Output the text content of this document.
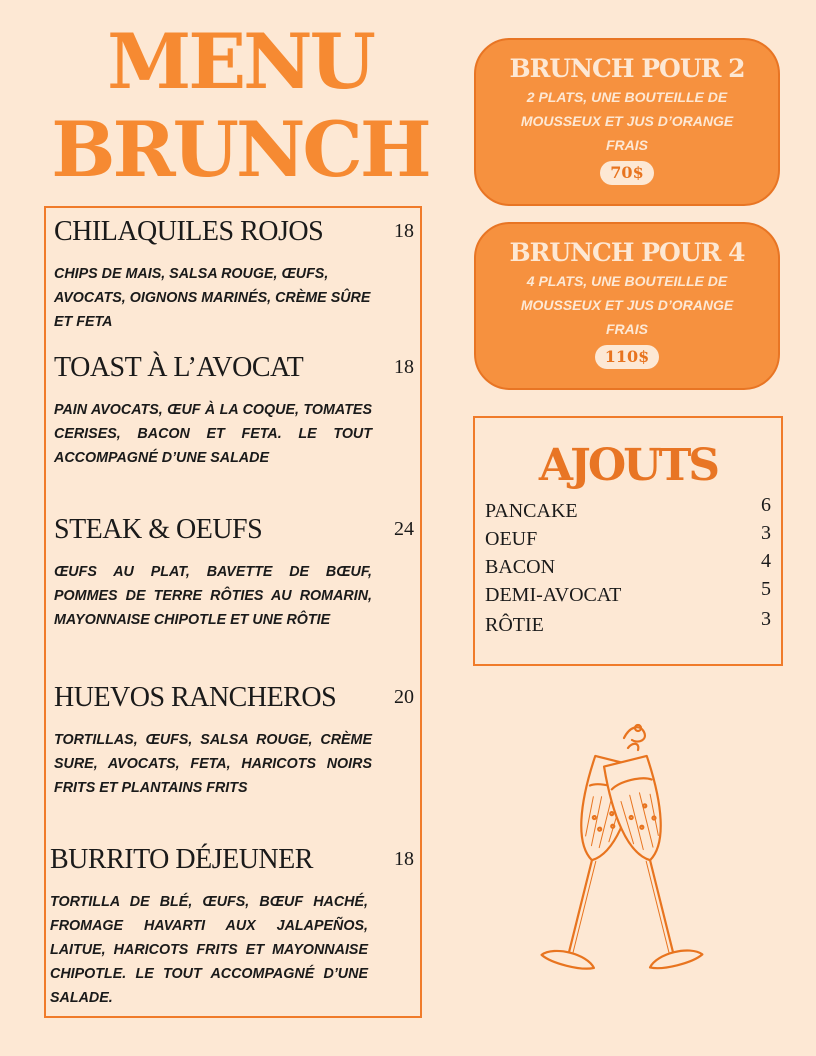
MENU
BRUNCH
CHILAQUILES ROJOS	18
CHIPS DE MAIS, SALSA ROUGE, ŒUFS, AVOCATS, OIGNONS MARINÉS, CRÈME SÛRE ET FETA
TOAST À L’AVOCAT	18
PAIN AVOCATS, ŒUF À LA COQUE, TOMATES CERISES, BACON ET FETA. LE TOUT ACCOMPAGNÉ D’UNE SALADE
STEAK & OEUFS	24
ŒUFS AU PLAT, BAVETTE DE BŒUF, POMMES DE TERRE RÔTIES AU ROMARIN, MAYONNAISE CHIPOTLE ET UNE RÔTIE
HUEVOS RANCHEROS	20
TORTILLAS, ŒUFS, SALSA ROUGE, CRÈME SURE, AVOCATS, FETA, HARICOTS NOIRS FRITS ET PLANTAINS FRITS
BURRITO DÉJEUNER	18
TORTILLA DE BLÉ, ŒUFS, BŒUF HACHÉ, FROMAGE HAVARTI AUX JALAPEÑOS, LAITUE, HARICOTS FRITS ET MAYONNAISE CHIPOTLE. LE TOUT ACCOMPAGNÉ D’UNE SALADE.
BRUNCH POUR 2
2 PLATS, UNE BOUTEILLE DE MOUSSEUX ET JUS D’ORANGE FRAIS
70$
BRUNCH POUR 4
4 PLATS, UNE BOUTEILLE DE MOUSSEUX ET JUS D’ORANGE FRAIS
110$
AJOUTS
PANCAKE	6
OEUF	3
BACON	4
DEMI-AVOCAT	5
RÔTIE	3
